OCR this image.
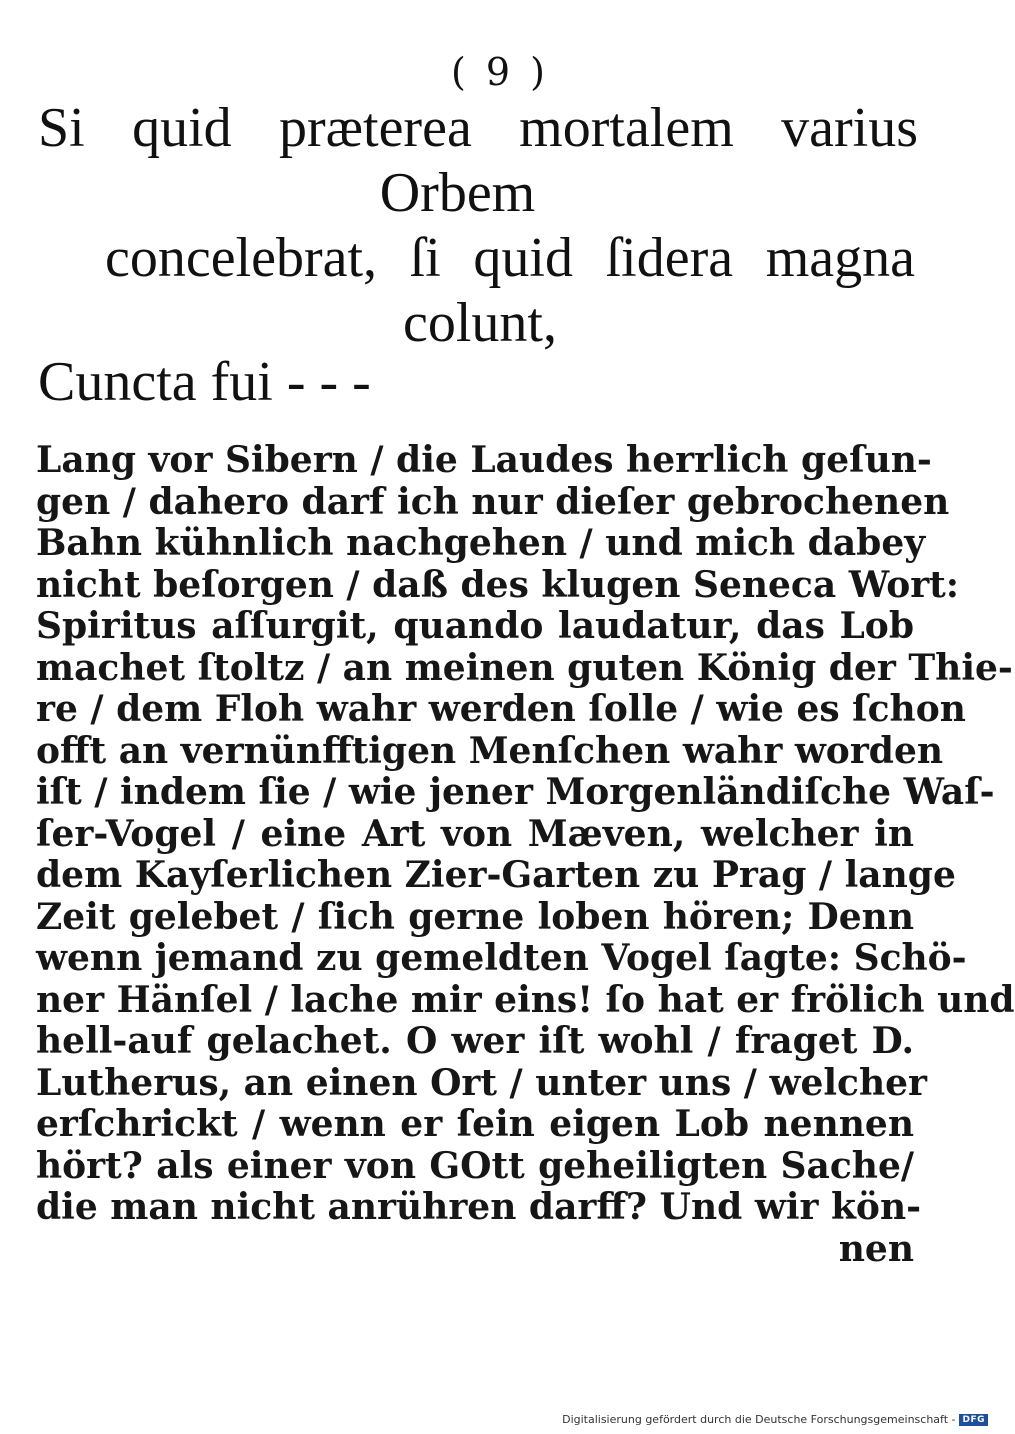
( 9 )
Si quid præterea mortalem varius
Orbem
concelebrat, ſi quid ſidera magna
colunt,
Cunctа fui - - -
Lang vor Sibern / die Laudes herrlich geſun-
gen / dahero darf ich nur dieſer gebrochenen
Bahn kühnlich nachgehen / und mich dabey
nicht beſorgen / daß des klugen Seneca Wort:
Spiritus aſſurgit, quando laudatur, das Lob
machet ſtoltz / an meinen guten König der Thie-
re / dem Floh wahr werden ſolle / wie es ſchon
offt an vernünfftigen Menſchen wahr worden
iſt / indem ſie / wie jener Morgenländiſche Waſ-
ſer-Vogel / eine Art von Mæven, welcher in
dem Kayſerlichen Zier-Garten zu Prag / lange
Zeit gelebet / ſich gerne loben hören; Denn
wenn jemand zu gemeldten Vogel ſagte: Schö-
ner Hänſel / lache mir eins! ſo hat er frölich und
hell-auf gelachet. O wer iſt wohl / fraget D.
Lutherus, an einen Ort / unter uns / welcher
erſchrickt / wenn er ſein eigen Lob nennen
hört? als einer von GOtt geheiligten Sache/
die man nicht anrühren darff? Und wir kön-
nen
Digitalisierung gefördert durch die Deutsche Forschungsgemeinschaft - DFG
